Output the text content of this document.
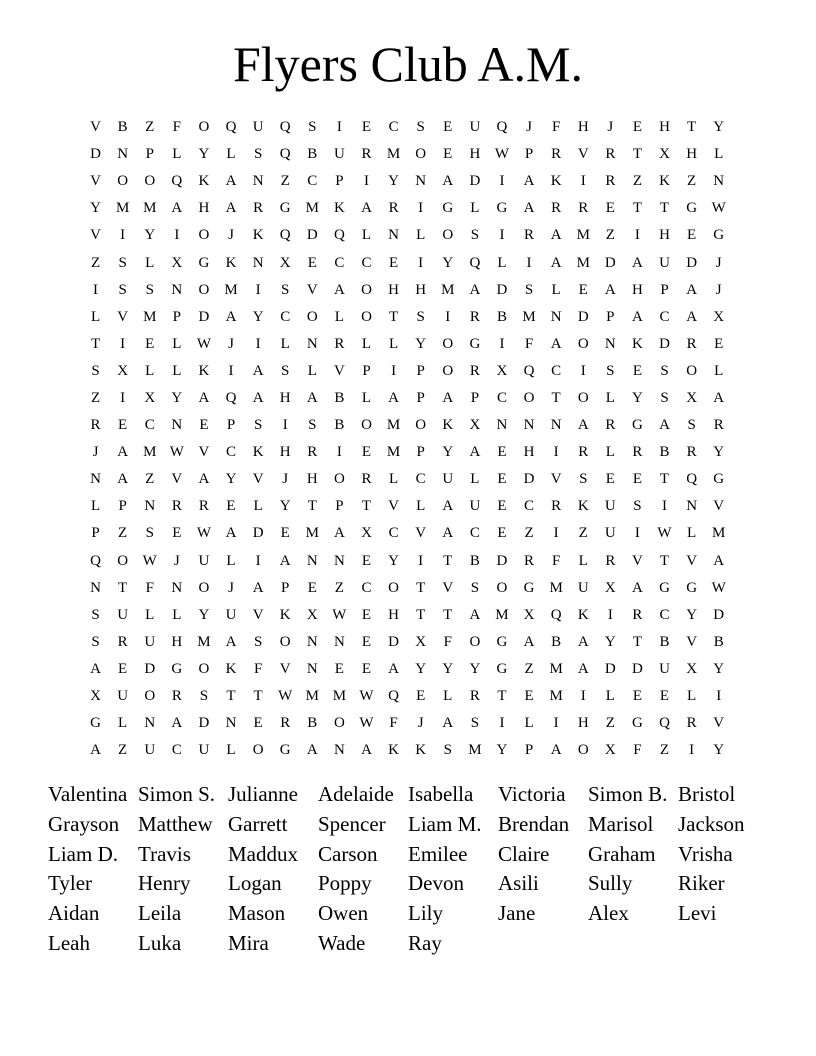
Flyers Club A.M.
V	B	Z	F	O	Q	U	Q	S	I	E	C	S	E	U	Q	J	F	H	J	E	H	T	Y
D	N	P	L	Y	L	S	Q	B	U	R	M	O	E	H	W	P	R	V	R	T	X	H	L
V	O	O	Q	K	A	N	Z	C	P	I	Y	N	A	D	I	A	K	I	R	Z	K	Z	N
Y	M	M	A	H	A	R	G	M	K	A	R	I	G	L	G	A	R	R	E	T	T	G	W
V	I	Y	I	O	J	K	Q	D	Q	L	N	L	O	S	I	R	A	M	Z	I	H	E	G
Z	S	L	X	G	K	N	X	E	C	C	E	I	Y	Q	L	I	A	M	D	A	U	D	J
I	S	S	N	O	M	I	S	V	A	O	H	H	M	A	D	S	L	E	A	H	P	A	J
L	V	M	P	D	A	Y	C	O	L	O	T	S	I	R	B	M	N	D	P	A	C	A	X
T	I	E	L	W	J	I	L	N	R	L	L	Y	O	G	I	F	A	O	N	K	D	R	E
S	X	L	L	K	I	A	S	L	V	P	I	P	O	R	X	Q	C	I	S	E	S	O	L
Z	I	X	Y	A	Q	A	H	A	B	L	A	P	A	P	C	O	T	O	L	Y	S	X	A
R	E	C	N	E	P	S	I	S	B	O	M	O	K	X	N	N	N	A	R	G	A	S	R
J	A	M	W	V	C	K	H	R	I	E	M	P	Y	A	E	H	I	R	L	R	B	R	Y
N	A	Z	V	A	Y	V	J	H	O	R	L	C	U	L	E	D	V	S	E	E	T	Q	G
L	P	N	R	R	E	L	Y	T	P	T	V	L	A	U	E	C	R	K	U	S	I	N	V
P	Z	S	E	W	A	D	E	M	A	X	C	V	A	C	E	Z	I	Z	U	I	W	L	M
Q	O	W	J	U	L	I	A	N	N	E	Y	I	T	B	D	R	F	L	R	V	T	V	A
N	T	F	N	O	J	A	P	E	Z	C	O	T	V	S	O	G	M	U	X	A	G	G	W
S	U	L	L	Y	U	V	K	X	W	E	H	T	T	A	M	X	Q	K	I	R	C	Y	D
S	R	U	H	M	A	S	O	N	N	E	D	X	F	O	G	A	B	A	Y	T	B	V	B
A	E	D	G	O	K	F	V	N	E	E	A	Y	Y	Y	G	Z	M	A	D	D	U	X	Y
X	U	O	R	S	T	T	W	M	M	W	Q	E	L	R	T	E	M	I	L	E	E	L	I
G	L	N	A	D	N	E	R	B	O	W	F	J	A	S	I	L	I	H	Z	G	Q	R	V
A	Z	U	C	U	L	O	G	A	N	A	K	K	S	M	Y	P	A	O	X	F	Z	I	Y
Valentina	Simon S.	Julianne	Adelaide	Isabella	Victoria	Simon B.	Bristol
Grayson	Matthew	Garrett	Spencer	Liam M.	Brendan	Marisol	Jackson
Liam D.	Travis	Maddux	Carson	Emilee	Claire	Graham	Vrisha
Tyler	Henry	Logan	Poppy	Devon	Asili	Sully	Riker
Aidan	Leila	Mason	Owen	Lily	Jane	Alex	Levi
Leah	Luka	Mira	Wade	Ray			
